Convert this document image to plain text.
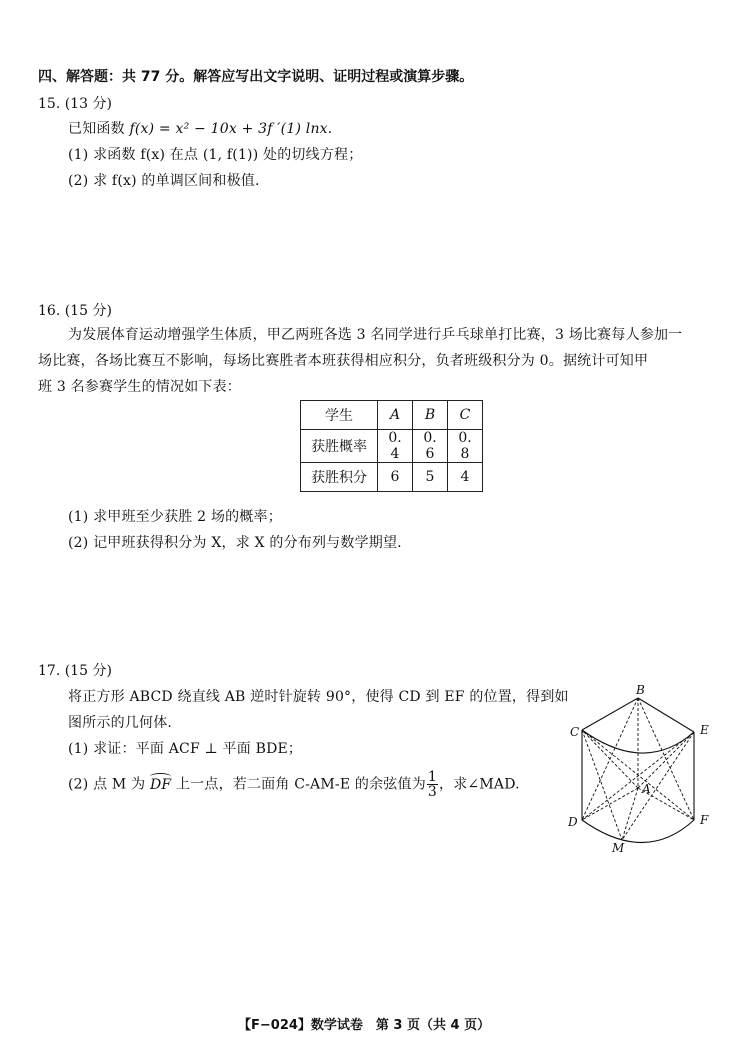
四、解答题：共 77 分。解答应写出文字说明、证明过程或演算步骤。
15. (13 分)
已知函数 f(x) = x² − 10x + 3f ′(1) lnx.
(1) 求函数 f(x) 在点 (1, f(1)) 处的切线方程；
(2) 求 f(x) 的单调区间和极值.
16. (15 分)
为发展体育运动增强学生体质，甲乙两班各选 3 名同学进行乒乓球单打比赛，3 场比赛每人参加一
场比赛，各场比赛互不影响，每场比赛胜者本班获得相应积分，负者班级积分为 0。据统计可知甲
班 3 名参赛学生的情况如下表：
学生	A	B	C
获胜概率	0. 4	0. 6	0. 8
获胜积分	6	5	4
(1) 求甲班至少获胜 2 场的概率；
(2) 记甲班获得积分为 X，求 X 的分布列与数学期望.
17. (15 分)
将正方形 ABCD 绕直线 AB 逆时针旋转 90°，使得 CD 到 EF 的位置，得到如
图所示的几何体.
(1) 求证：平面 ACF ⊥ 平面 BDE；
(2) 点 M 为 DF 上一点，若二面角 C-AM-E 的余弦值为 $\frac{1}{3}$ ，求∠MAD.
B
C	E
A
D	F
M
【F−024】数学试卷　第 3 页（共 4 页）
